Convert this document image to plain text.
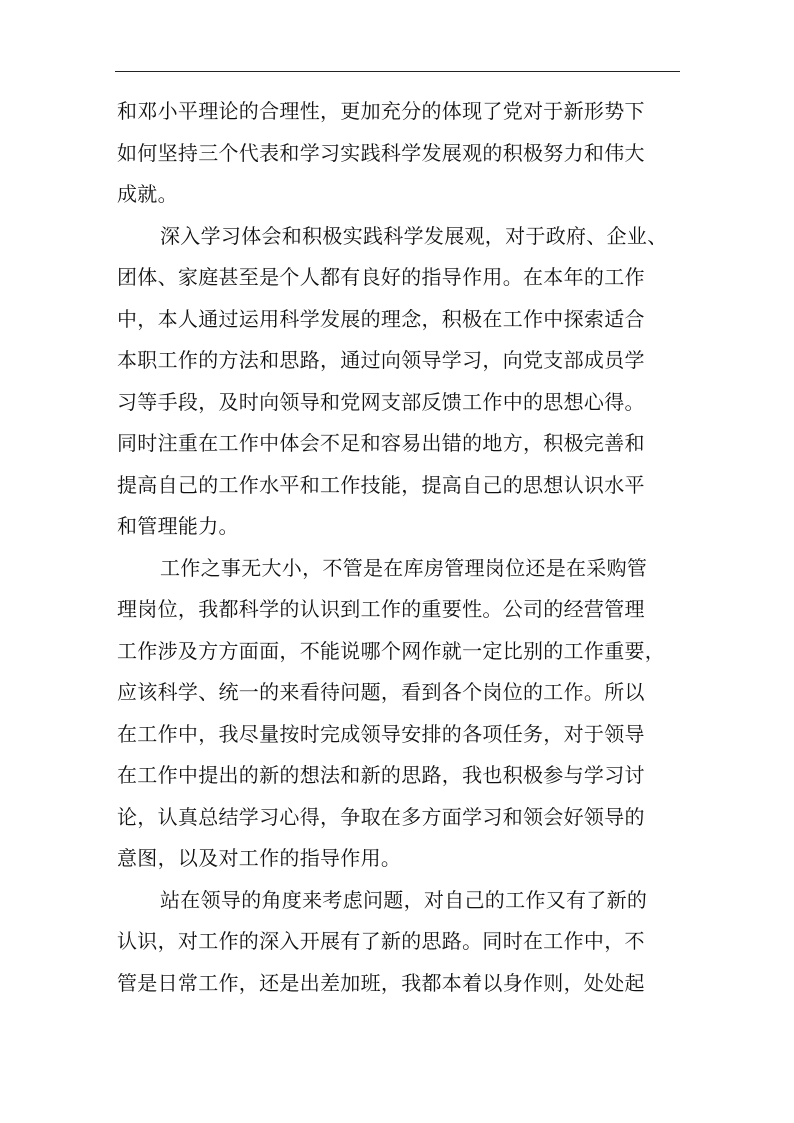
和邓小平理论的合理性，更加充分的体现了党对于新形势下
如何坚持三个代表和学习实践科学发展观的积极努力和伟大
成就。
深入学习体会和积极实践科学发展观，对于政府、企业、
团体、家庭甚至是个人都有良好的指导作用。在本年的工作
中，本人通过运用科学发展的理念，积极在工作中探索适合
本职工作的方法和思路，通过向领导学习，向党支部成员学
习等手段，及时向领导和党网支部反馈工作中的思想心得。
同时注重在工作中体会不足和容易出错的地方，积极完善和
提高自己的工作水平和工作技能，提高自己的思想认识水平
和管理能力。
工作之事无大小，不管是在库房管理岗位还是在采购管
理岗位，我都科学的认识到工作的重要性。公司的经营管理
工作涉及方方面面，不能说哪个网作就一定比别的工作重要，
应该科学、统一的来看待问题，看到各个岗位的工作。所以
在工作中，我尽量按时完成领导安排的各项任务，对于领导
在工作中提出的新的想法和新的思路，我也积极参与学习讨
论，认真总结学习心得，争取在多方面学习和领会好领导的
意图，以及对工作的指导作用。
站在领导的角度来考虑问题，对自己的工作又有了新的
认识，对工作的深入开展有了新的思路。同时在工作中，不
管是日常工作，还是出差加班，我都本着以身作则，处处起
